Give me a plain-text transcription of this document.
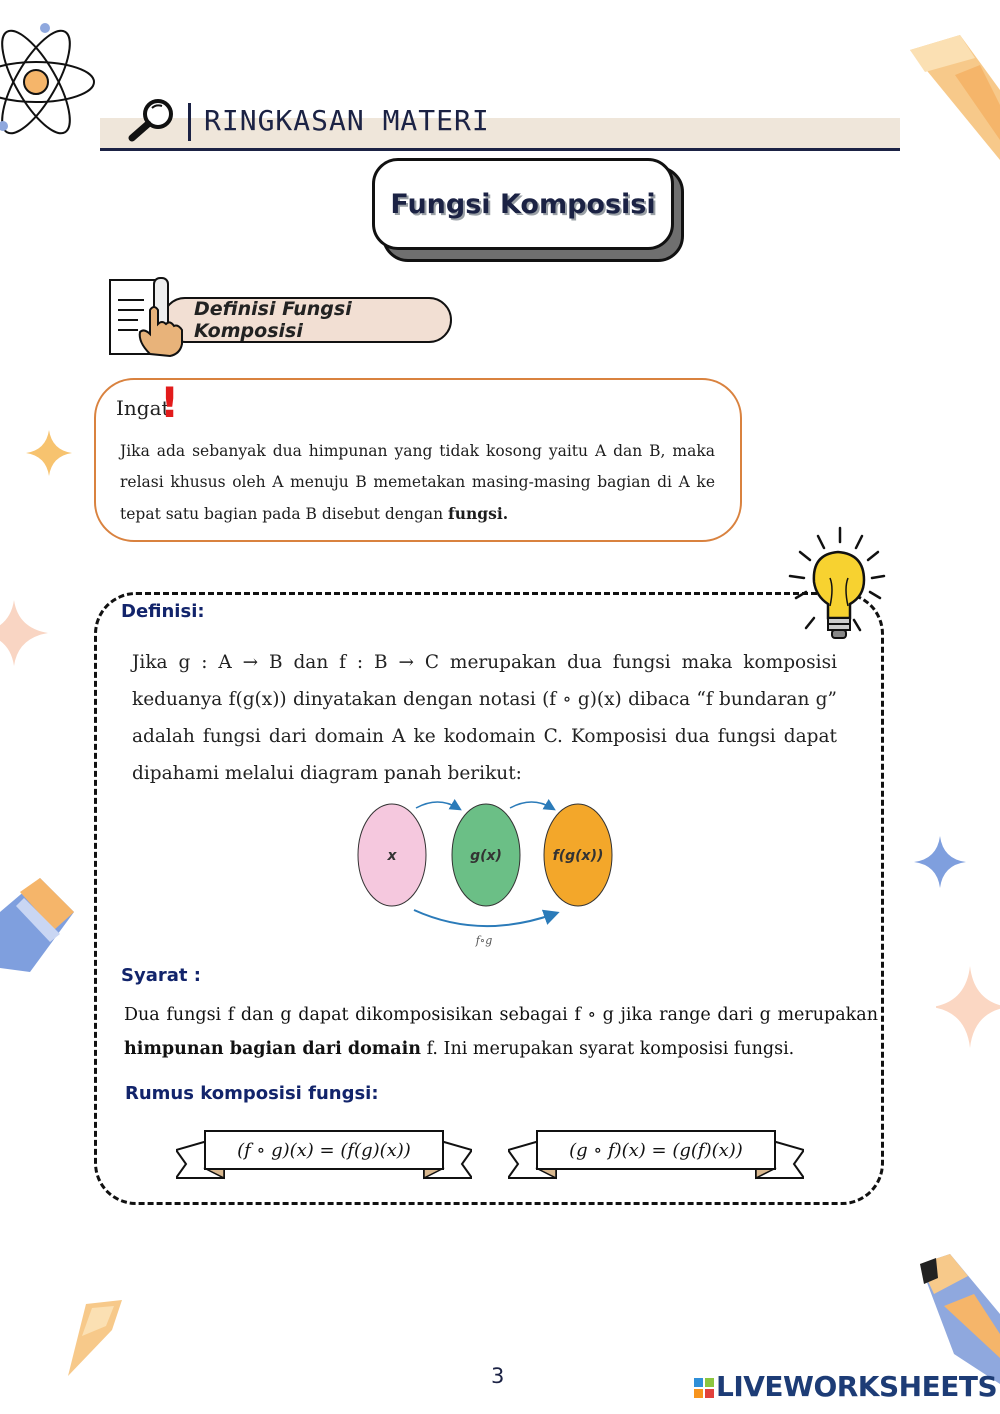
RINGKASAN MATERI
Fungsi Komposisi
Definisi Fungsi Komposisi
Ingat
!
Jika ada sebanyak dua himpunan yang tidak kosong yaitu A dan B, maka relasi khusus oleh A menuju B memetakan masing-masing bagian di A ke tepat satu bagian pada B disebut dengan fungsi.
Definisi:
Jika g : A → B dan f : B → C merupakan dua fungsi maka komposisi keduanya f(g(x)) dinyatakan dengan notasi (f ∘ g)(x) dibaca “f bundaran g” adalah fungsi dari domain A ke kodomain C. Komposisi dua fungsi dapat dipahami melalui diagram panah berikut:
x	g(x)	f(g(x))
f∘g
Syarat :
Dua fungsi f dan g dapat dikomposisikan sebagai f ∘ g jika range dari g merupakan himpunan bagian dari domain f. Ini merupakan syarat komposisi fungsi.
Rumus komposisi fungsi:
(f ∘ g)(x) = (f(g)(x))	(g ∘ f)(x) = (g(f)(x))
3	LIVEWORKSHEETS
